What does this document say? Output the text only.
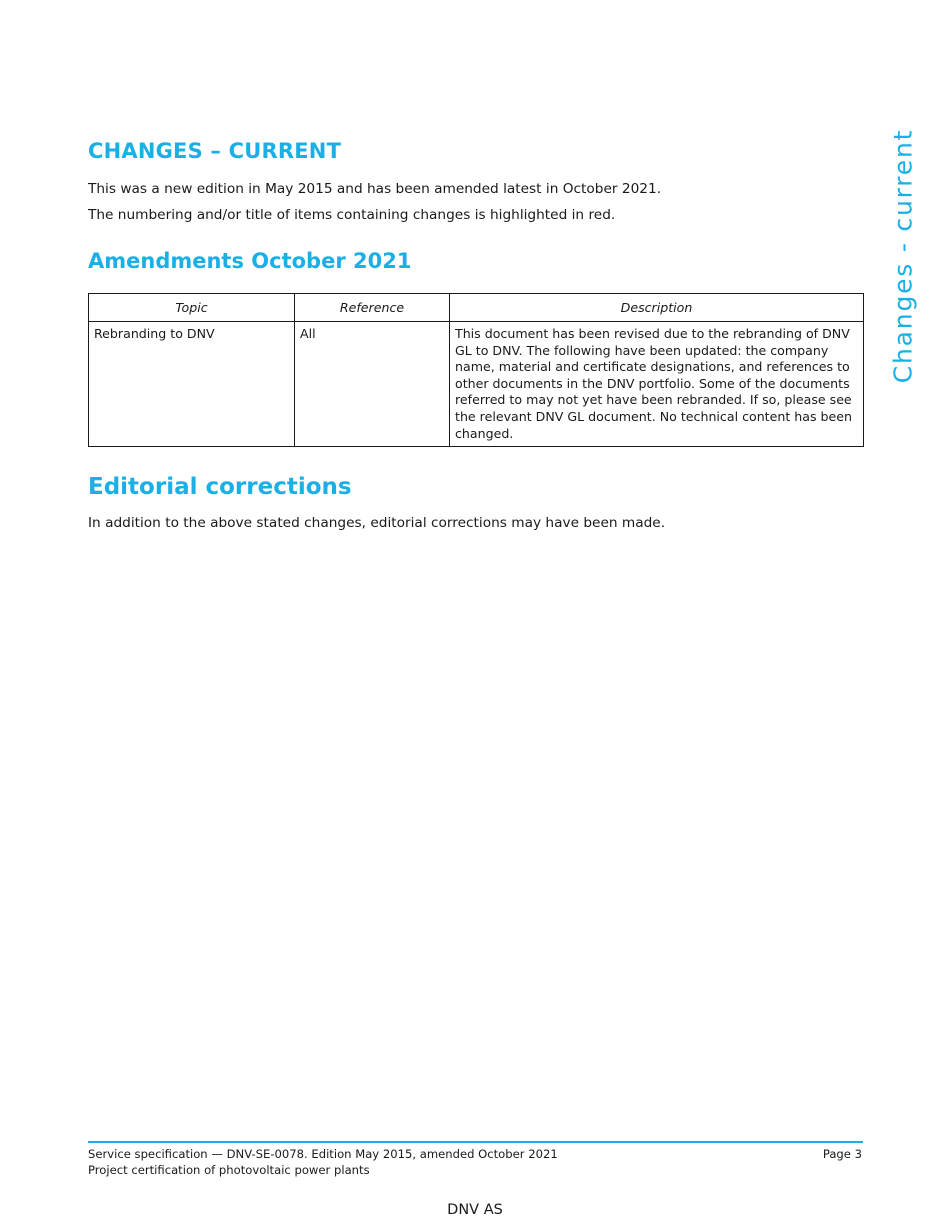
CHANGES – CURRENT

This was a new edition in May 2015 and has been amended latest in October 2021.

The numbering and/or title of items containing changes is highlighted in red.

Amendments October 2021
Topic	Reference	Description
Rebranding to DNV	All	This document has been revised due to the rebranding of DNV GL to DNV. The following have been updated: the company name, material and certificate designations, and references to other documents in the DNV portfolio. Some of the documents referred to may not yet have been rebranded. If so, please see the relevant DNV GL document. No technical content has been changed.
Editorial corrections

In addition to the above stated changes, editorial corrections may have been made.

Changes - current
Service specification — DNV-SE-0078. Edition May 2015, amended October 2021
Project certification of photovoltaic power plants
Page 3
DNV AS
